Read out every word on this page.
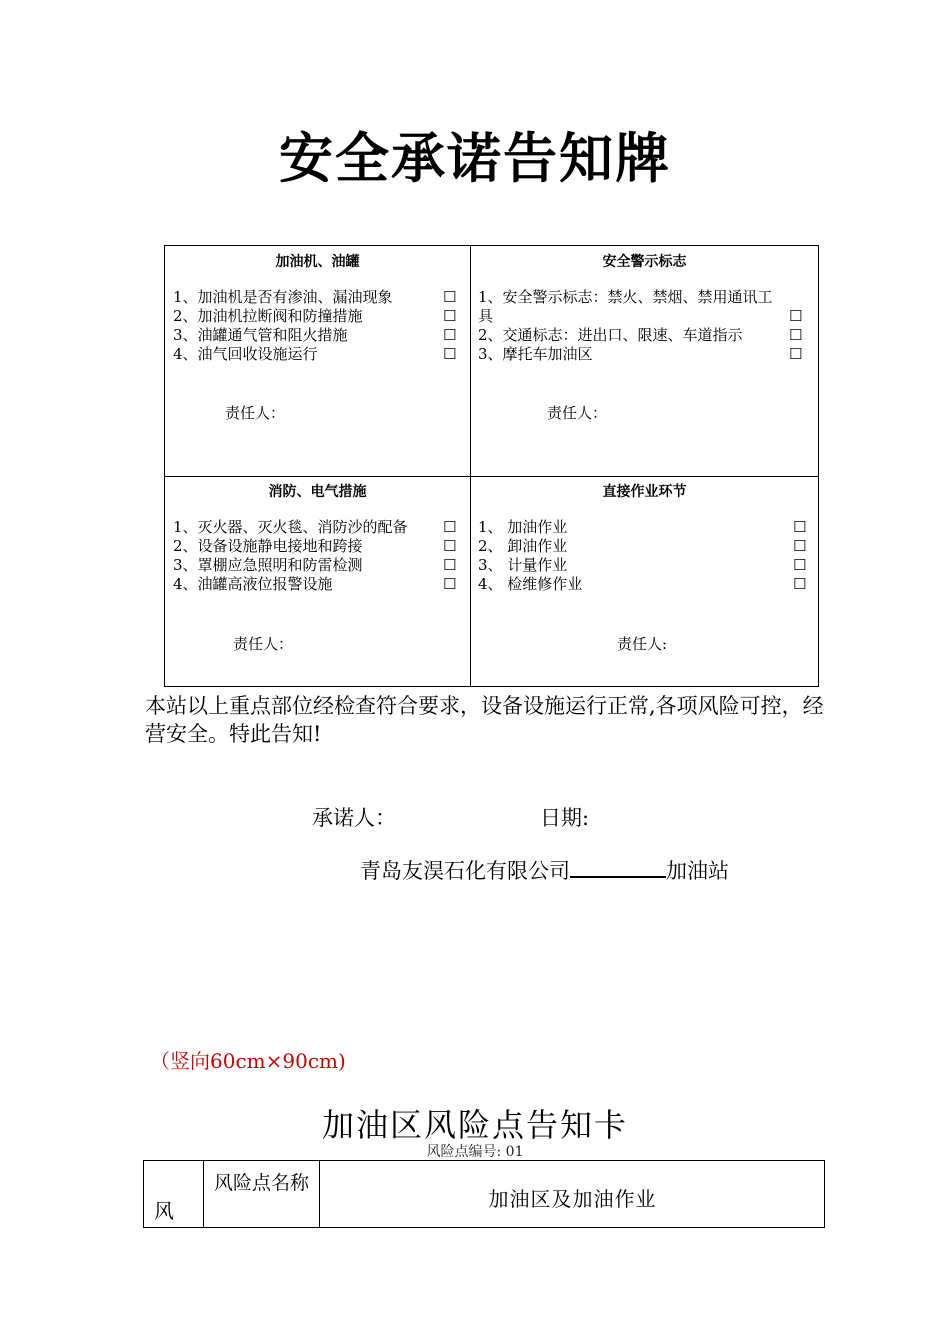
安全承诺告知牌
加油机、油罐
1、加油机是否有渗油、漏油现象
2、加油机拉断阀和防撞措施
3、油罐通气管和阻火措施
4、油气回收设施运行
☐
☐
☐
☐
责任人：
安全警示标志
1、安全警示标志：禁火、禁烟、禁用通讯工
具
2、交通标志：进出口、限速、车道指示
3、摩托车加油区
☐
☐
☐
责任人：
消防、电气措施
1、灭火器、灭火毯、消防沙的配备
2、设备设施静电接地和跨接
3、罩棚应急照明和防雷检测
4、油罐高液位报警设施
☐
☐
☐
☐
责任人：
直接作业环节
1、 加油作业
2、 卸油作业
3、 计量作业
4、 检维修作业
☐
☐
☐
☐
责任人:
本站以上重点部位经检查符合要求，设备设施运行正常,各项风险可控，经营安全。特此告知!
承诺人：	日期:
青岛友淏石化有限公司	加油站
（竖向60cm×90cm)
加油区风险点告知卡
风险点编号: 01
风
风险点名称
加油区及加油作业
